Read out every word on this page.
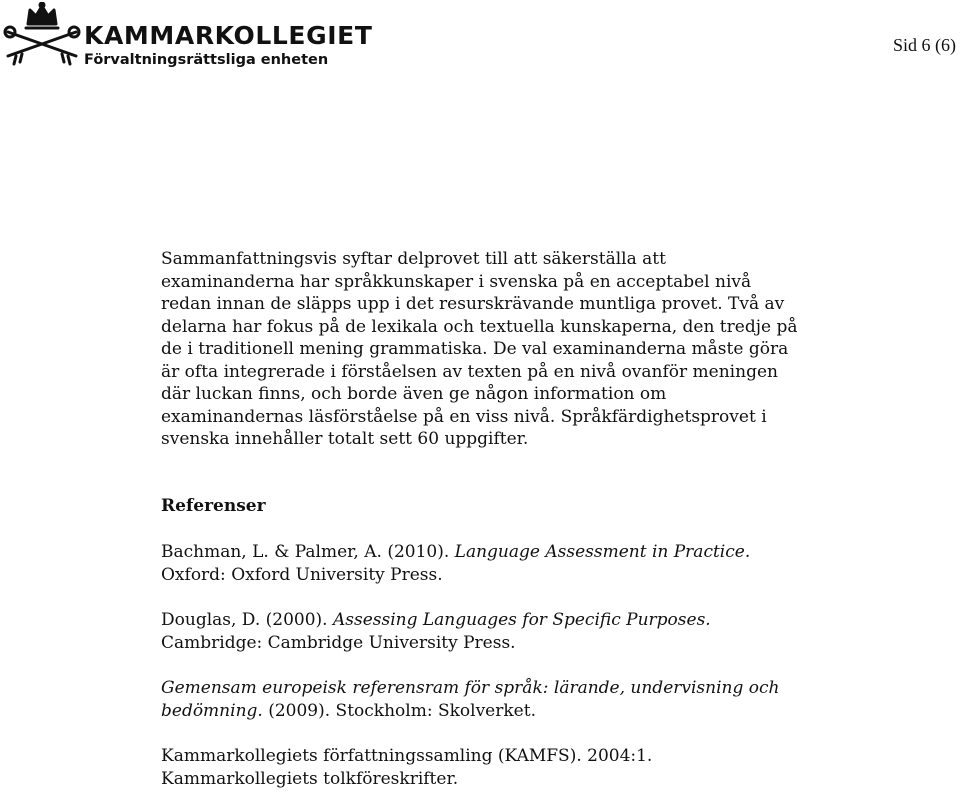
KAMMARKOLLEGIET
Förvaltningsrättsliga enheten
Sid 6 (6)

Sammanfattningsvis syftar delprovet till att säkerställa att examinanderna har språkkunskaper i svenska på en acceptabel nivå redan innan de släpps upp i det resurskrävande muntliga provet. Två av delarna har fokus på de lexikala och textuella kunskaperna, den tredje på de i traditionell mening grammatiska. De val examinanderna måste göra är ofta integrerade i förståelsen av texten på en nivå ovanför meningen där luckan finns, och borde även ge någon information om examinandernas läsförståelse på en viss nivå. Språkfärdighetsprovet i svenska innehåller totalt sett 60 uppgifter.

Referenser

Bachman, L. & Palmer, A. (2010). Language Assessment in Practice. Oxford: Oxford University Press.

Douglas, D. (2000). Assessing Languages for Specific Purposes. Cambridge: Cambridge University Press.

Gemensam europeisk referensram för språk: lärande, undervisning och bedömning. (2009). Stockholm: Skolverket.

Kammarkollegiets författningssamling (KAMFS). 2004:1. Kammarkollegiets tolkföreskrifter.
